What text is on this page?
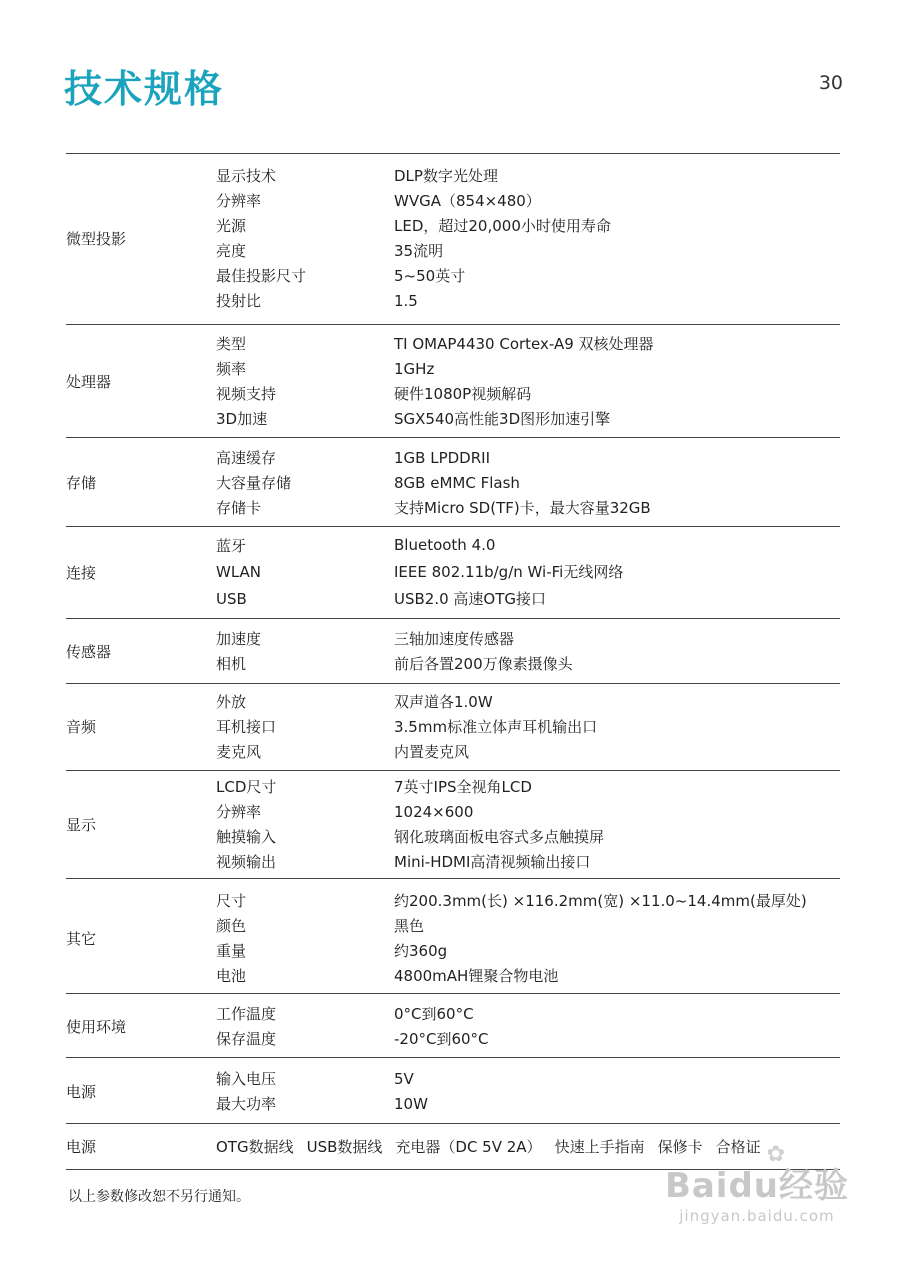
技术规格	30
微型投影
显示技术	DLP数字光处理
分辨率	WVGA（854×480）
光源	LED，超过20,000小时使用寿命
亮度	35流明
最佳投影尺寸	5~50英寸
投射比	1.5
处理器
类型	TI OMAP4430 Cortex-A9 双核处理器
频率	1GHz
视频支持	硬件1080P视频解码
3D加速	SGX540高性能3D图形加速引擎
存储
高速缓存	1GB LPDDRII
大容量存储	8GB eMMC Flash
存储卡	支持Micro SD(TF)卡，最大容量32GB
连接
蓝牙	Bluetooth 4.0
WLAN	IEEE 802.11b/g/n Wi-Fi无线网络
USB	USB2.0 高速OTG接口
传感器
加速度	三轴加速度传感器
相机	前后各置200万像素摄像头
音频
外放	双声道各1.0W
耳机接口	3.5mm标准立体声耳机输出口
麦克风	内置麦克风
显示
LCD尺寸	7英寸IPS全视角LCD
分辨率	1024×600
触摸输入	钢化玻璃面板电容式多点触摸屏
视频输出	Mini-HDMI高清视频输出接口
其它
尺寸	约200.3mm(长) ×116.2mm(宽) ×11.0~14.4mm(最厚处)
颜色	黑色
重量	约360g
电池	4800mAH锂聚合物电池
使用环境
工作温度	0°C到60°C
保存温度	-20°C到60°C
电源
输入电压	5V
最大功率	10W
电源	OTG数据线 USB数据线 充电器（DC 5V 2A） 快速上手指南 保修卡 合格证
以上参数修改恕不另行通知。
✿
Baidu经验
jingyan.baidu.com
